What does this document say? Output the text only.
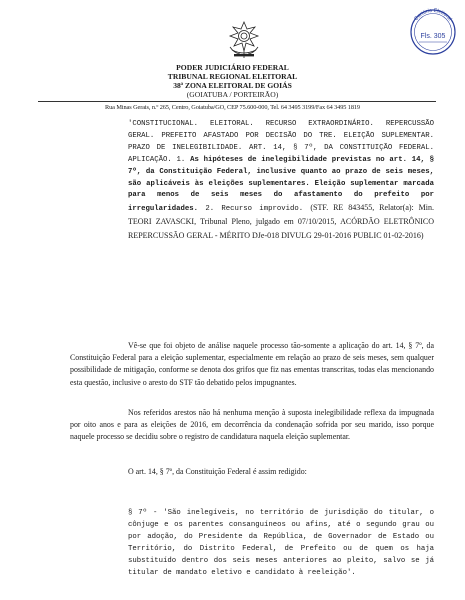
PODER JUDICIÁRIO FEDERAL
TRIBUNAL REGIONAL ELEITORAL
38ª ZONA ELEITORAL DE GOIÁS
(GOIATUBA / PORTEIRÃO)
Rua Minas Gerais, n.º 265, Centro, Goiatuba/GO, CEP 75.600-000, Tel. 64 3495 3199/Fax 64 3495 1819
Cartório Eleitoral
Fls. 305
'CONSTITUCIONAL. ELEITORAL. RECURSO EXTRAORDINÁRIO. REPERCUSSÃO GERAL. PREFEITO AFASTADO POR DECISÃO DO TRE. ELEIÇÃO SUPLEMENTAR. PRAZO DE INELEGIBILIDADE. ART. 14, § 7º, DA CONSTITUIÇÃO FEDERAL. APLICAÇÃO. 1. As hipóteses de inelegibilidade previstas no art. 14, § 7º, da Constituição Federal, inclusive quanto ao prazo de seis meses, são aplicáveis às eleições suplementares. Eleição suplementar marcada para menos de seis meses do afastamento do prefeito por irregularidades. 2. Recurso improvido. (STF. RE 843455, Relator(a): Min. TEORI ZAVASCKI, Tribunal Pleno, julgado em 07/10/2015, ACÓRDÃO ELETRÔNICO REPERCUSSÃO GERAL - MÉRITO DJe-018 DIVULG 29-01-2016 PUBLIC 01-02-2016)
Vê-se que foi objeto de análise naquele processo tão-somente a aplicação do art. 14, § 7º, da Constituição Federal para a eleição suplementar, especialmente em relação ao prazo de seis meses, sem qualquer possibilidade de mitigação, conforme se denota dos grifos que fiz nas ementas transcritas, todas elas mencionando esta questão, inclusive o aresto do STF tão debatido pelos impugnantes.
Nos referidos arestos não há nenhuma menção à suposta inelegibilidade reflexa da impugnada por oito anos e para as eleições de 2016, em decorrência da condenação sofrida por seu marido, isso porque naquele processo se decidiu sobre o registro de candidatura naquela eleição suplementar.
O art. 14, § 7º, da Constituição Federal é assim redigido:
§ 7º - 'São inelegíveis, no território de jurisdição do titular, o cônjuge e os parentes consanguíneos ou afins, até o segundo grau ou por adoção, do Presidente da República, de Governador de Estado ou Território, do Distrito Federal, de Prefeito ou de quem os haja substituído dentro dos seis meses anteriores ao pleito, salvo se já titular de mandato eletivo e candidato à reeleição'.
